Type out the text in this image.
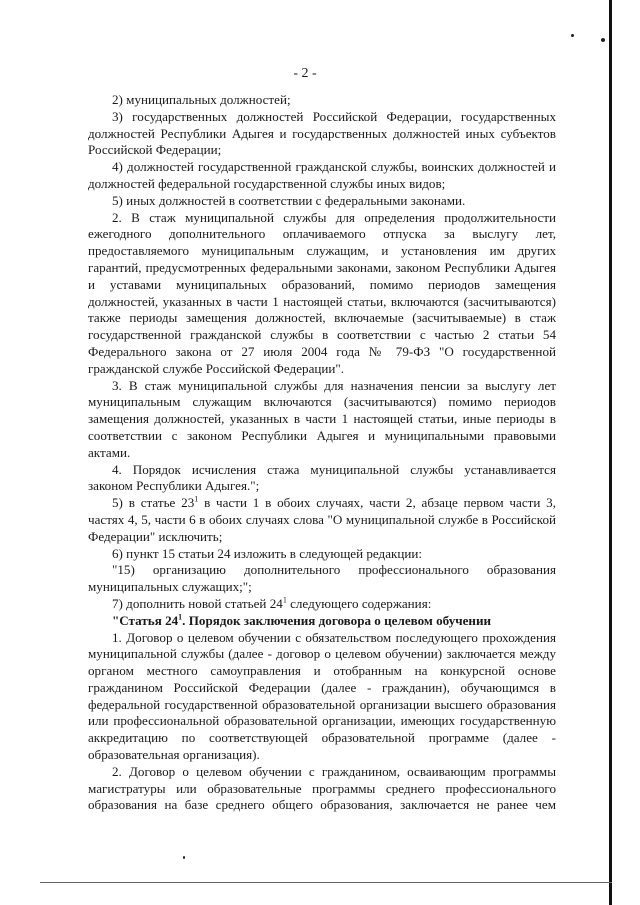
- 2 -

2) муниципальных должностей;

3) государственных должностей Российской Федерации, государственных должностей Республики Адыгея и государственных должностей иных субъектов Российской Федерации;

4) должностей государственной гражданской службы, воинских должностей и должностей федеральной государственной службы иных видов;

5) иных должностей в соответствии с федеральными законами.

2. В стаж муниципальной службы для определения продолжительности ежегодного дополнительного оплачиваемого отпуска за выслугу лет, предоставляемого муниципальным служащим, и установления им других гарантий, предусмотренных федеральными законами, законом Республики Адыгея и уставами муниципальных образований, помимо периодов замещения должностей, указанных в части 1 настоящей статьи, включаются (засчитываются) также периоды замещения должностей, включаемые (засчитываемые) в стаж государственной гражданской службы в соответствии с частью 2 статьи 54 Федерального закона от 27 июля 2004 года № 79-ФЗ "О государственной гражданской службе Российской Федерации".

3. В стаж муниципальной службы для назначения пенсии за выслугу лет муниципальным служащим включаются (засчитываются) помимо периодов замещения должностей, указанных в части 1 настоящей статьи, иные периоды в соответствии с законом Республики Адыгея и муниципальными правовыми актами.

4. Порядок исчисления стажа муниципальной службы устанавливается законом Республики Адыгея.";

5) в статье $23^1$ в части 1 в обоих случаях, части 2, абзаце первом части 3, частях 4, 5, части 6 в обоих случаях слова "О муниципальной службе в Российской Федерации" исключить;

6) пункт 15 статьи 24 изложить в следующей редакции:

"15) организацию дополнительного профессионального образования муниципальных служащих;";

7) дополнить новой статьей $24^1$ следующего содержания:

"Статья $24^1$. Порядок заключения договора о целевом обучении

1. Договор о целевом обучении с обязательством последующего прохождения муниципальной службы (далее - договор о целевом обучении) заключается между органом местного самоуправления и отобранным на конкурсной основе гражданином Российской Федерации (далее - гражданин), обучающимся в федеральной государственной образовательной организации высшего образования или профессиональной образовательной организации, имеющих государственную аккредитацию по соответствующей образовательной программе (далее - образовательная организация).

2. Договор о целевом обучении с гражданином, осваивающим программы магистратуры или образовательные программы среднего профессионального образования на базе среднего общего образования, заключается не ранее чем
